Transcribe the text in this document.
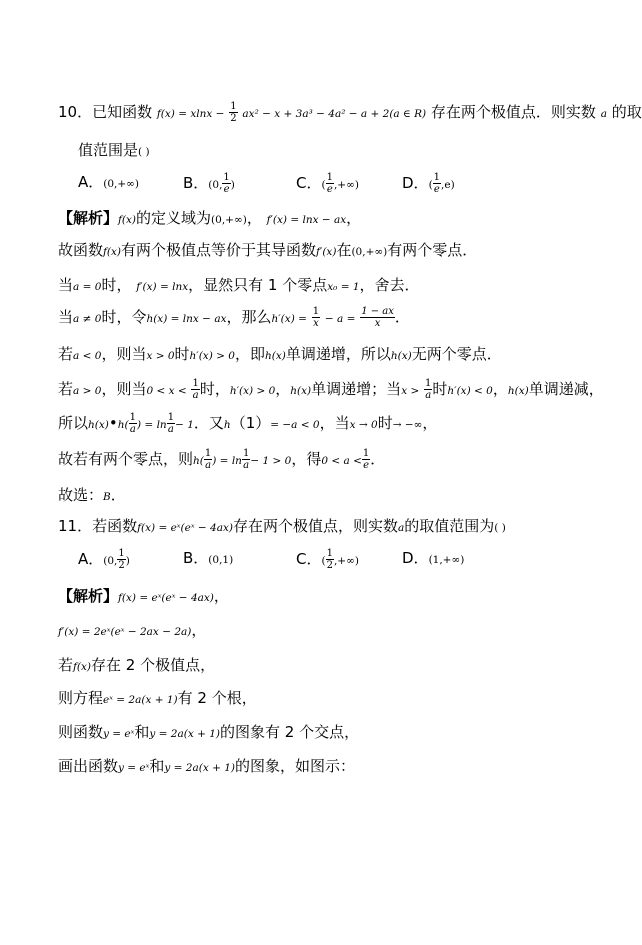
10．已知函数 $f(x) = xlnx - \frac{1}{2} ax^2 - x + 3a^3 - 4a^2 - a + 2(a$ ∈ R) 存在两个极值点．则实数 a 的取
值范围是( )
A．(0,+∞)	B．(0, $\frac{1}{e}$ )	C．( $\frac{1}{e}$ ,+∞)	D．( $\frac{1}{e} ,e$)
【解析】f(x)的定义域为(0,+∞)， f′(x) = lnx − ax，
故函数f(x)有两个极值点等价于其导函数f′(x)在(0,+∞)有两个零点．
当a = 0时， f′(x) = lnx，显然只有 1 个零点x₀ = 1，舍去．
当a ≠ 0时，令h(x) = lnx − ax，那么$h'(x) = \frac{1}{x} - a = \frac{1 - ax}{x}$ ．
若a < 0，则当x > 0时h′(x) > 0，即h(x)单调递增，所以h(x)无两个零点．
若a > 0，则当$0 < x < \frac{1}{a}$ 时，h′(x) > 0，h(x)单调递增；当$x > \frac{1}{a}$ 时h′(x) < 0，h(x)单调递减，
所以h(x)•h( $\frac{1}{a}$ ) = $\ln \frac{1}{a} - 1$．又h（1）= −a < 0，当x → 0时→ −∞，
故若有两个零点，则$h( \frac{1}{a}$ ) = $\ln \frac{1}{a} - 1 > 0$，得$0 < a < \frac{1}{e}$ ．
故选：B．
11．若函数f(x) = eˣ(eˣ − 4ax)存在两个极值点，则实数a的取值范围为( )
A．(0, $\frac{1}{2}$ )	B．(0,1)	C．( $\frac{1}{2}$ ,+∞)	D．(1,+∞)
【解析】f(x) = eˣ(eˣ − 4ax)，
f′(x) = 2eˣ(eˣ − 2ax − 2a)，
若f(x)存在 2 个极值点，
则方程eˣ = 2a(x + 1)有 2 个根，
则函数y = eˣ和y = 2a(x + 1)的图象有 2 个交点，
画出函数y = eˣ和y = 2a(x + 1)的图象，如图示：
